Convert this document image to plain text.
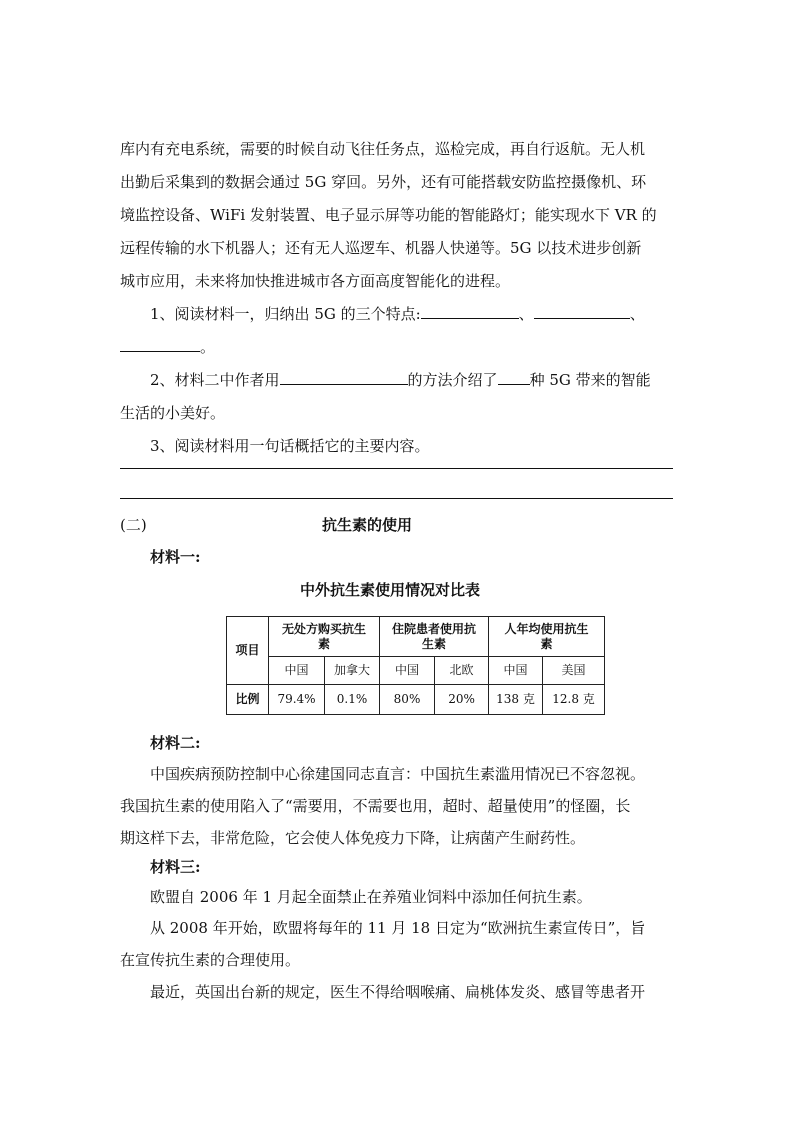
库内有充电系统，需要的时候自动飞往任务点，巡检完成，再自行返航。无人机
出勤后采集到的数据会通过 5G 穿回。另外，还有可能搭载安防监控摄像机、环
境监控设备、WiFi 发射装置、电子显示屏等功能的智能路灯；能实现水下 VR 的
远程传输的水下机器人；还有无人巡逻车、机器人快递等。5G 以技术进步创新
城市应用，未来将加快推进城市各方面高度智能化的进程。
1、阅读材料一，归纳出 5G 的三个特点:	、	、
。
2、材料二中作者用	的方法介绍了 种 5G 带来的智能
生活的小美好。
3、阅读材料用一句话概括它的主要内容。
(二)	抗生素的使用
材料一:
中外抗生素使用情况对比表
项目	无处方购买抗生素		住院患者使用抗生素		人年均使用抗生素	
	中国	加拿大	中国	北欧	中国	美国
比例	79.4%	0.1%	80%	20%	138 克	12.8 克
材料二:
中国疾病预防控制中心徐建国同志直言：中国抗生素滥用情况已不容忽视。
我国抗生素的使用陷入了“需要用，不需要也用，超时、超量使用”的怪圈，长
期这样下去，非常危险，它会使人体免疫力下降，让病菌产生耐药性。
材料三:
欧盟自 2006 年 1 月起全面禁止在养殖业饲料中添加任何抗生素。
从 2008 年开始，欧盟将每年的 11 月 18 日定为“欧洲抗生素宣传日”，旨
在宣传抗生素的合理使用。
最近，英国出台新的规定，医生不得给咽喉痛、扁桃体发炎、感冒等患者开
